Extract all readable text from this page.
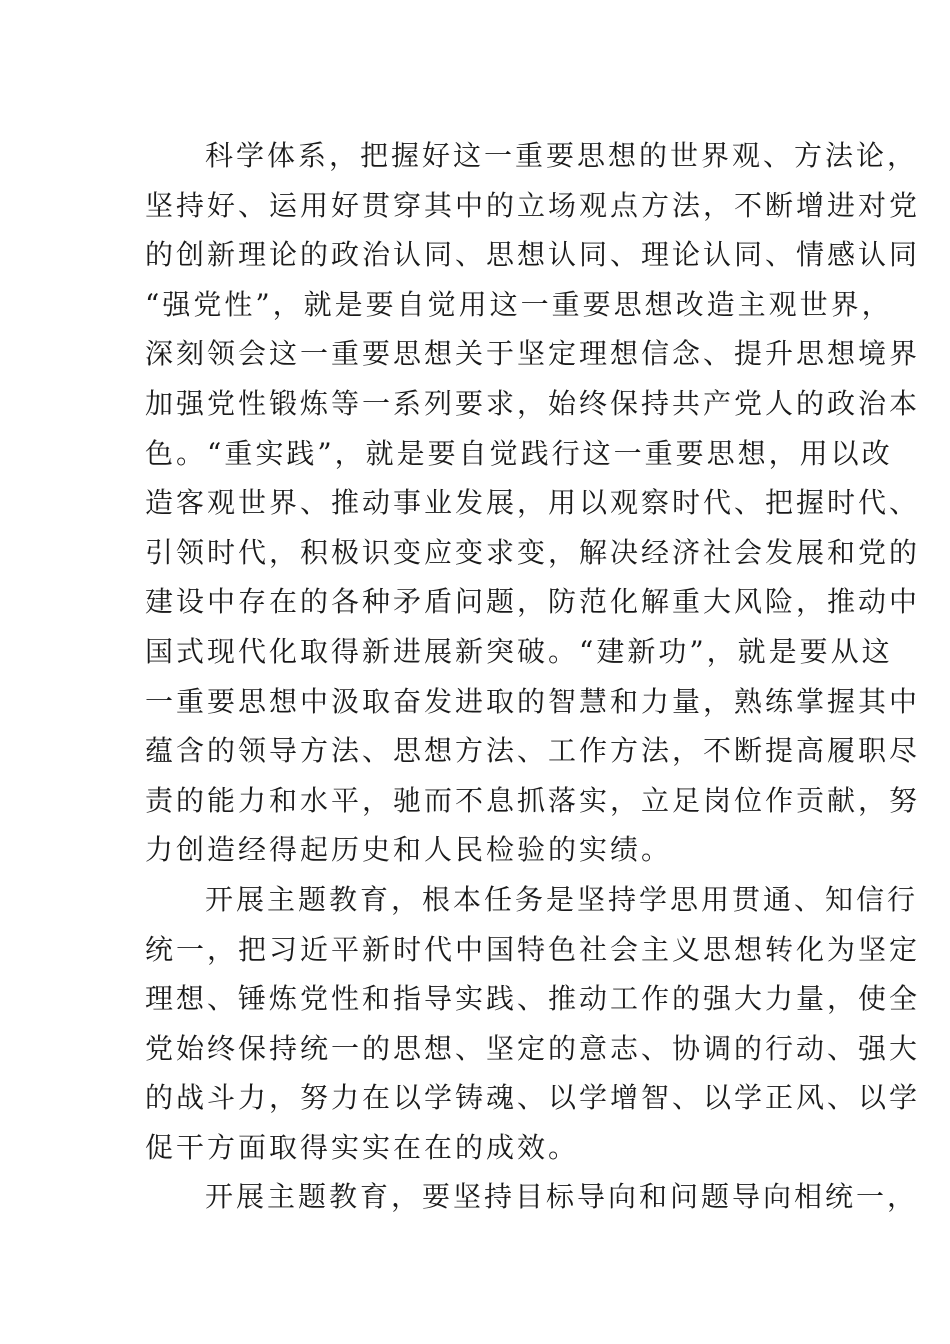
科学体系，把握好这一重要思想的世界观、方法论，
坚持好、运用好贯穿其中的立场观点方法，不断增进对党
的创新理论的政治认同、思想认同、理论认同、情感认同
“强党性”，就是要自觉用这一重要思想改造主观世界，
深刻领会这一重要思想关于坚定理想信念、提升思想境界
加强党性锻炼等一系列要求，始终保持共产党人的政治本
色。“重实践”，就是要自觉践行这一重要思想，用以改
造客观世界、推动事业发展，用以观察时代、把握时代、
引领时代，积极识变应变求变，解决经济社会发展和党的
建设中存在的各种矛盾问题，防范化解重大风险，推动中
国式现代化取得新进展新突破。“建新功”，就是要从这
一重要思想中汲取奋发进取的智慧和力量，熟练掌握其中
蕴含的领导方法、思想方法、工作方法，不断提高履职尽
责的能力和水平，驰而不息抓落实，立足岗位作贡献，努
力创造经得起历史和人民检验的实绩。
开展主题教育，根本任务是坚持学思用贯通、知信行
统一，把习近平新时代中国特色社会主义思想转化为坚定
理想、锤炼党性和指导实践、推动工作的强大力量，使全
党始终保持统一的思想、坚定的意志、协调的行动、强大
的战斗力，努力在以学铸魂、以学增智、以学正风、以学
促干方面取得实实在在的成效。
开展主题教育，要坚持目标导向和问题导向相统一，
